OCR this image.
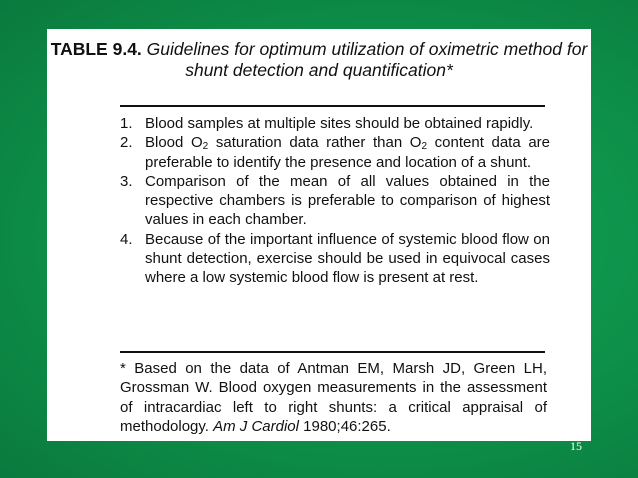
TABLE 9.4. Guidelines for optimum utilization of oximetric method for shunt detection and quantification*
1. Blood samples at multiple sites should be obtained rapidly.
2. Blood $O_2$ saturation data rather than $O_2$ content data are preferable to identify the presence and location of a shunt.
3. Comparison of the mean of all values obtained in the respective chambers is preferable to comparison of highest values in each chamber.
4. Because of the important influence of systemic blood flow on shunt detection, exercise should be used in equivocal cases where a low systemic blood flow is present at rest.
* Based on the data of Antman EM, Marsh JD, Green LH, Grossman W. Blood oxygen measurements in the assessment of intracardiac left to right shunts: a critical appraisal of methodology. Am J Cardiol 1980;46:265.
15
